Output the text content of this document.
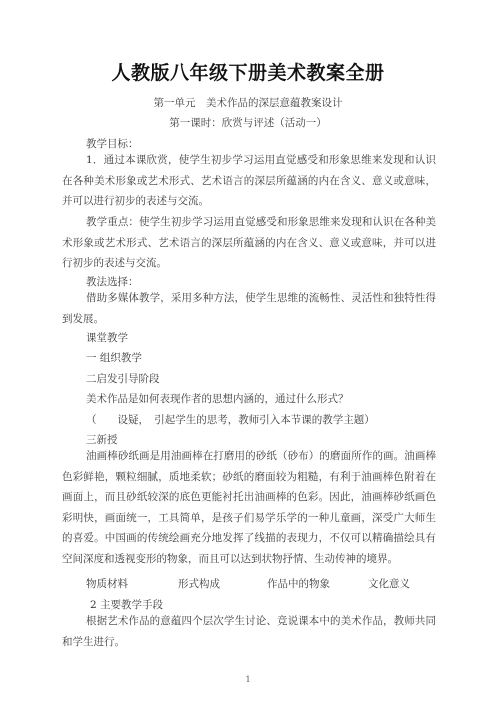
人教版八年级下册美术教案全册
第一单元　美术作品的深层意蕴教案设计
第一课时：欣赏与评述（活动一）
教学目标：
1．通过本课欣赏，使学生初步学习运用直觉感受和形象思维来发现和认识在各种美术形象或艺术形式、艺术语言的深层所蕴涵的内在含义、意义或意味，并可以进行初步的表述与交流。
教学重点：使学生初步学习运用直觉感受和形象思维来发现和认识在各种美术形象或艺术形式、艺术语言的深层所蕴涵的内在含义、意义或意味，并可以进行初步的表述与交流。
教法选择：
借助多媒体教学，采用多种方法，使学生思维的流畅性、灵活性和独特性得到发展。
课堂教学
一 组织教学
二启发引导阶段
美术作品是如何表现作者的思想内涵的，通过什么形式？
（　　设疑，　引起学生的思考，教师引入本节课的教学主题）
三新授
油画棒砂纸画是用油画棒在打磨用的砂纸（砂布）的磨面所作的画。油画棒色彩鲜艳，颗粒细腻，质地柔软；砂纸的磨面较为粗糙，有利于油画棒色附着在画面上，而且砂纸较深的底色更能衬托出油画棒的色彩。因此，油画棒砂纸画色彩明快，画面统一，工具简单，是孩子们易学乐学的一种儿童画，深受广大师生的喜爱。中国画的传统绘画充分地发挥了线描的表现力，不仅可以精确描绘具有空间深度和透视变形的物象，而且可以达到状物抒情、生动传神的境界。
物质材料	形式构成	作品中的物象	文化意义
2 主要教学手段
根据艺术作品的意蕴四个层次学生讨论、竞说课本中的美术作品，教师共同和学生进行。
1
